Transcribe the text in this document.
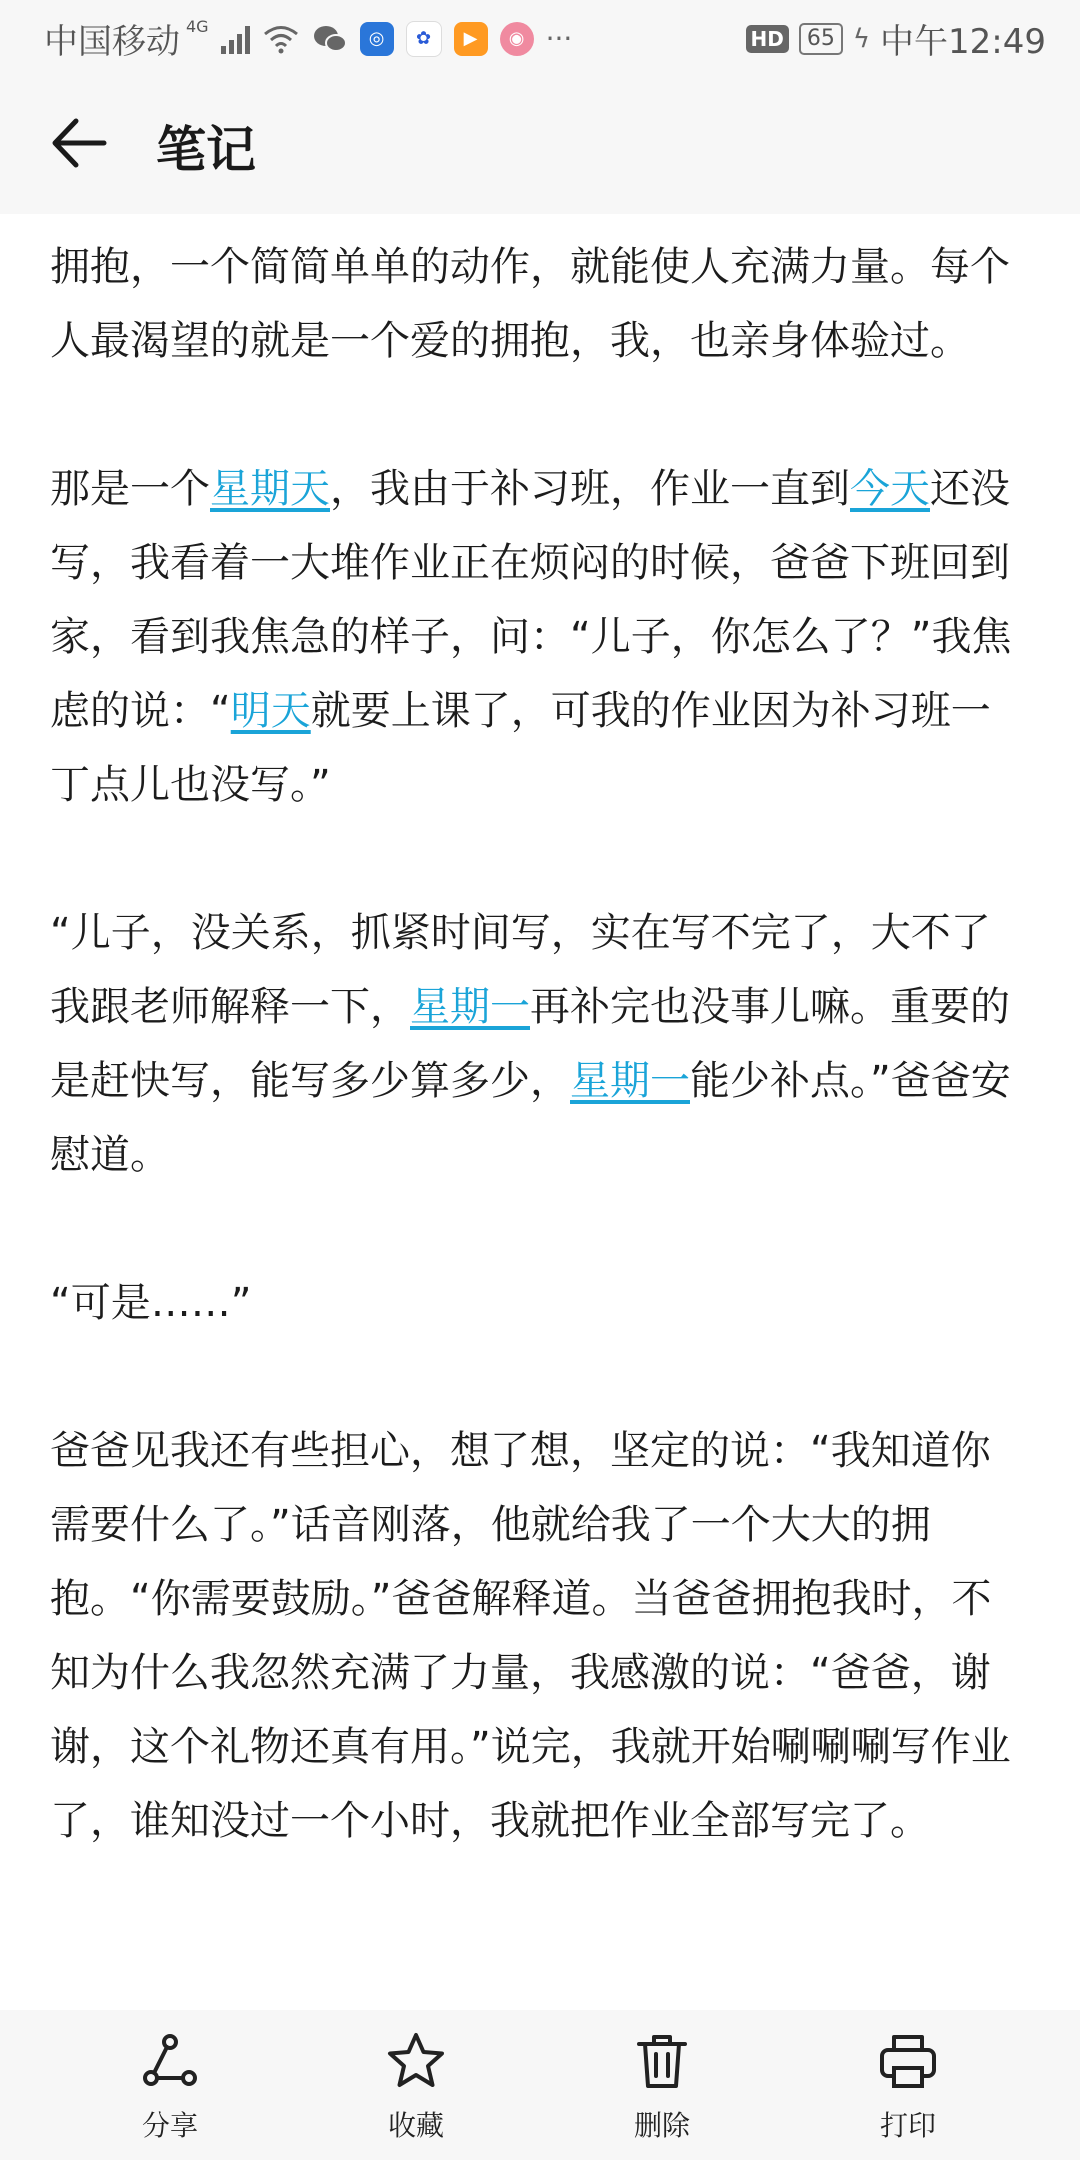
中国移动 4G
◎	✿	▶	◉ ···	HD	65 ϟ 中午12:49
笔记

拥抱，一个简简单单的动作，就能使人充满力量。每个人最渴望的就是一个爱的拥抱，我，也亲身体验过。

那是一个星期天，我由于补习班，作业一直到今天还没写，我看着一大堆作业正在烦闷的时候，爸爸下班回到家，看到我焦急的样子，问：“儿子，你怎么了？”我焦虑的说：“明天就要上课了，可我的作业因为补习班一丁点儿也没写。”

“儿子，没关系，抓紧时间写，实在写不完了，大不了我跟老师解释一下，星期一再补完也没事儿嘛。重要的是赶快写，能写多少算多少，星期一能少补点。”爸爸安慰道。

“可是……”

爸爸见我还有些担心，想了想，坚定的说：“我知道你需要什么了。”话音刚落，他就给我了一个大大的拥抱。“你需要鼓励。”爸爸解释道。当爸爸拥抱我时，不知为什么我忽然充满了力量，我感激的说：“爸爸，谢谢，这个礼物还真有用。”说完，我就开始唰唰唰写作业了，谁知没过一个小时，我就把作业全部写完了。

分享	收藏	删除	打印
